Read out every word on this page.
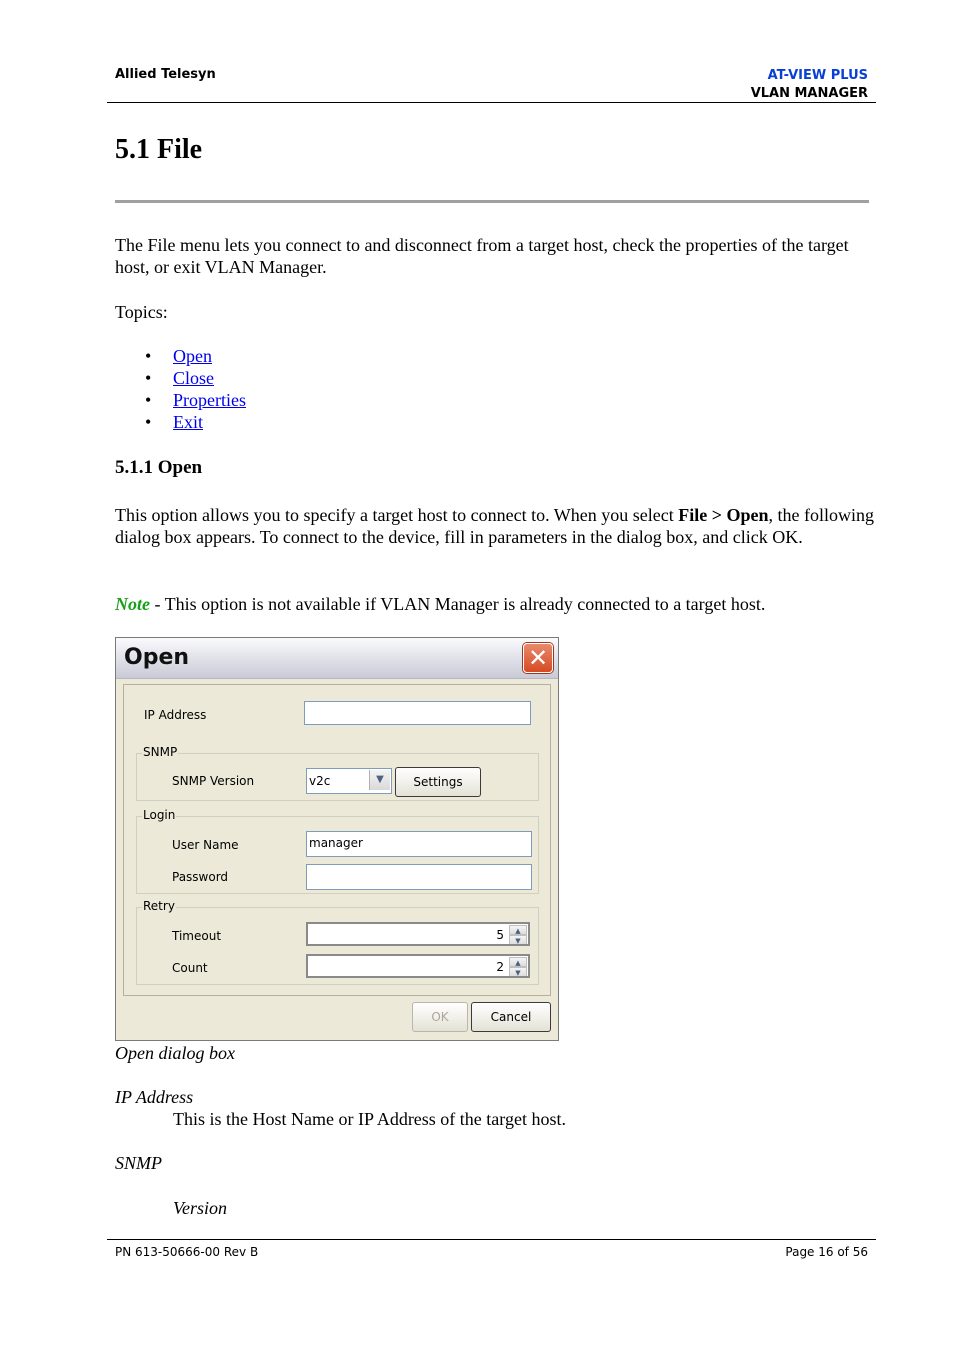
Allied Telesyn	AT-VIEW PLUS
VLAN MANAGER
5.1 File
The File menu lets you connect to and disconnect from a target host, check the properties of the target host, or exit VLAN Manager.
Topics:
• Open
• Close
• Properties
• Exit
5.1.1 Open
This option allows you to specify a target host to connect to. When you select File > Open, the following dialog box appears. To connect to the device, fill in parameters in the dialog box, and click OK.
Note - This option is not available if VLAN Manager is already connected to a target host.
Open	✕
IP Address
SNMP
SNMP Version	v2c	▼	Settings
Login
User Name	manager
Password
Retry
Timeout	5	▲
▼
Count	2	▲
▼
OK	Cancel
Open dialog box
IP Address
This is the Host Name or IP Address of the target host.
SNMP
Version
PN 613-50666-00 Rev B	Page 16 of 56
